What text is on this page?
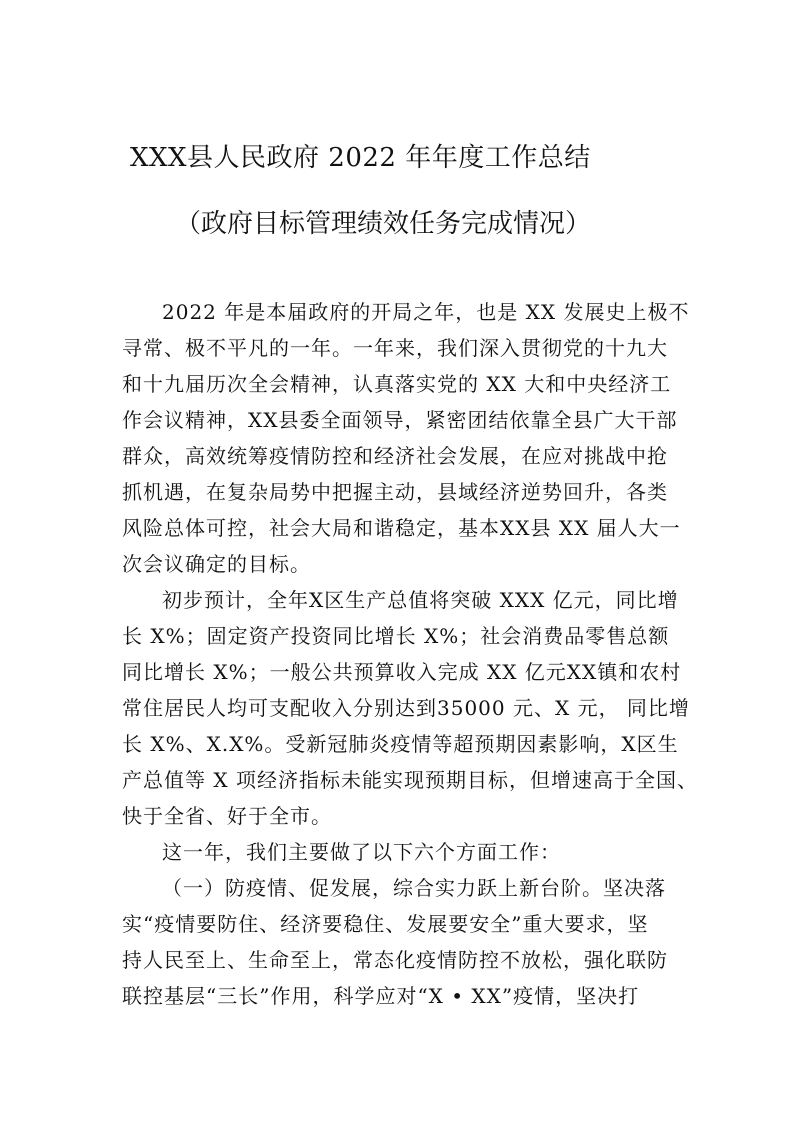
XXX县人民政府 2022 年年度工作总结
（政府目标管理绩效任务完成情况）
2022 年是本届政府的开局之年，也是 XX 发展史上极不
寻常、极不平凡的一年。一年来，我们深入贯彻党的十九大
和十九届历次全会精神，认真落实党的 XX 大和中央经济工
作会议精神，XX县委全面领导，紧密团结依靠全县广大干部
群众，高效统筹疫情防控和经济社会发展，在应对挑战中抢
抓机遇，在复杂局势中把握主动，县域经济逆势回升，各类
风险总体可控，社会大局和谐稳定，基本XX县 XX 届人大一
次会议确定的目标。
初步预计，全年X区生产总值将突破 XXX 亿元，同比增
长 X%；固定资产投资同比增长 X%；社会消费品零售总额
同比增长 X%；一般公共预算收入完成 XX 亿元XX镇和农村
常住居民人均可支配收入分别达到35000 元、X 元， 同比增
长 X%、X.X%。受新冠肺炎疫情等超预期因素影响，X区生
产总值等 X 项经济指标未能实现预期目标，但增速高于全国、
快于全省、好于全市。
这一年，我们主要做了以下六个方面工作：
（一）防疫情、促发展，综合实力跃上新台阶。坚决落
实“疫情要防住、经济要稳住、发展要安全”重大要求，坚
持人民至上、生命至上，常态化疫情防控不放松，强化联防
联控基层“三长”作用，科学应对“X • XX”疫情，坚决打
